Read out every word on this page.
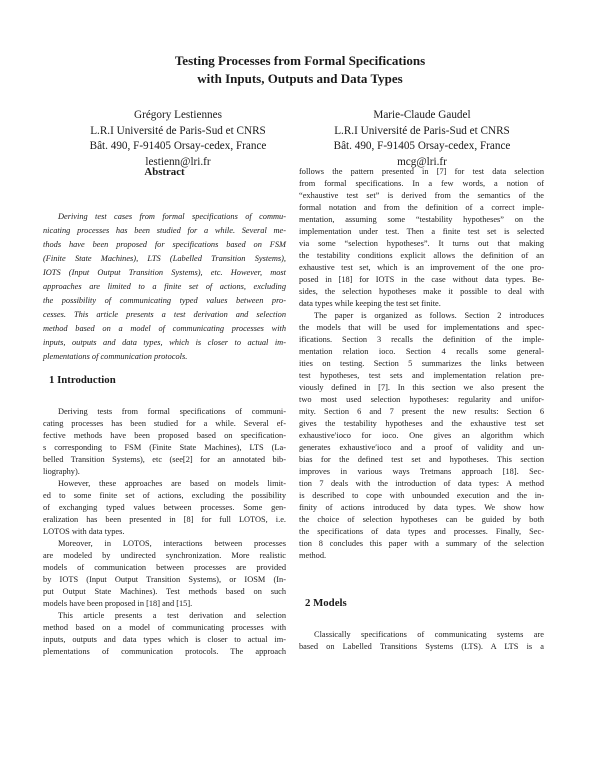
Testing Processes from Formal Specifications
with Inputs, Outputs and Data Types
Grégory Lestiennes
L.R.I Université de Paris-Sud et CNRS
Bât. 490, F-91405 Orsay-cedex, France
lestienn@lri.fr
Marie-Claude Gaudel
L.R.I Université de Paris-Sud et CNRS
Bât. 490, F-91405 Orsay-cedex, France
mcg@lri.fr
Abstract
Deriving test cases from formal specifications of commu-
nicating processes has been studied for a while. Several me-
thods have been proposed for specifications based on FSM
(Finite State Machines), LTS (Labelled Transition Systems),
IOTS (Input Output Transition Systems), etc. However, most
approaches are limited to a finite set of actions, excluding
the possibility of communicating typed values between pro-
cesses. This article presents a test derivation and selection
method based on a model of communicating processes with
inputs, outputs and data types, which is closer to actual im-
plementations of communication protocols.
1 Introduction
Deriving tests from formal specifications of communi-
cating processes has been studied for a while. Several ef-
fective methods have been proposed based on specification-
s corresponding to FSM (Finite State Machines), LTS (La-
belled Transition Systems), etc (see[2] for an annotated bib-
liography).
However, these approaches are based on models limit-
ed to some finite set of actions, excluding the possibility
of exchanging typed values between processes. Some gen-
eralization has been presented in [8] for full LOTOS, i.e.
LOTOS with data types.
Moreover, in LOTOS, interactions between processes
are modeled by undirected synchronization. More realistic
models of communication between processes are provided
by IOTS (Input Output Transition Systems), or IOSM (In-
put Output State Machines). Test methods based on such
models have been proposed in [18] and [15].
This article presents a test derivation and selection
method based on a model of communicating processes with
inputs, outputs and data types which is closer to actual im-
plementations of communication protocols. The approach
follows the pattern presented in [7] for test data selection
from formal specifications. In a few words, a notion of
“exhaustive test set” is derived from the semantics of the
formal notation and from the definition of a correct imple-
mentation, assuming some “testability hypotheses” on the
implementation under test. Then a finite test set is selected
via some “selection hypotheses”. It turns out that making
the testability conditions explicit allows the definition of an
exhaustive test set, which is an improvement of the one pro-
posed in [18] for IOTS in the case without data types. Be-
sides, the selection hypotheses make it possible to deal with
data types while keeping the test set finite.
The paper is organized as follows. Section 2 introduces
the models that will be used for implementations and spec-
ifications. Section 3 recalls the definition of the imple-
mentation relation ioco. Section 4 recalls some general-
ities on testing. Section 5 summarizes the links between
test hypotheses, test sets and implementation relation pre-
viously defined in [7]. In this section we also present the
two most used selection hypotheses: regularity and unifor-
mity. Section 6 and 7 present the new results: Section 6
gives the testability hypotheses and the exhaustive test set
exhaustive′ioco for ioco. One gives an algorithm which
generates exhaustive′ioco and a proof of validity and un-
bias for the defined test set and hypotheses. This section
improves in various ways Tretmans approach [18]. Sec-
tion 7 deals with the introduction of data types: A method
is described to cope with unbounded execution and the in-
finity of actions introduced by data types. We show how
the choice of selection hypotheses can be guided by both
the specifications of data types and processes. Finally, Sec-
tion 8 concludes this paper with a summary of the selection
method.
2 Models
Classically specifications of communicating systems are
based on Labelled Transitions Systems (LTS). A LTS is a
